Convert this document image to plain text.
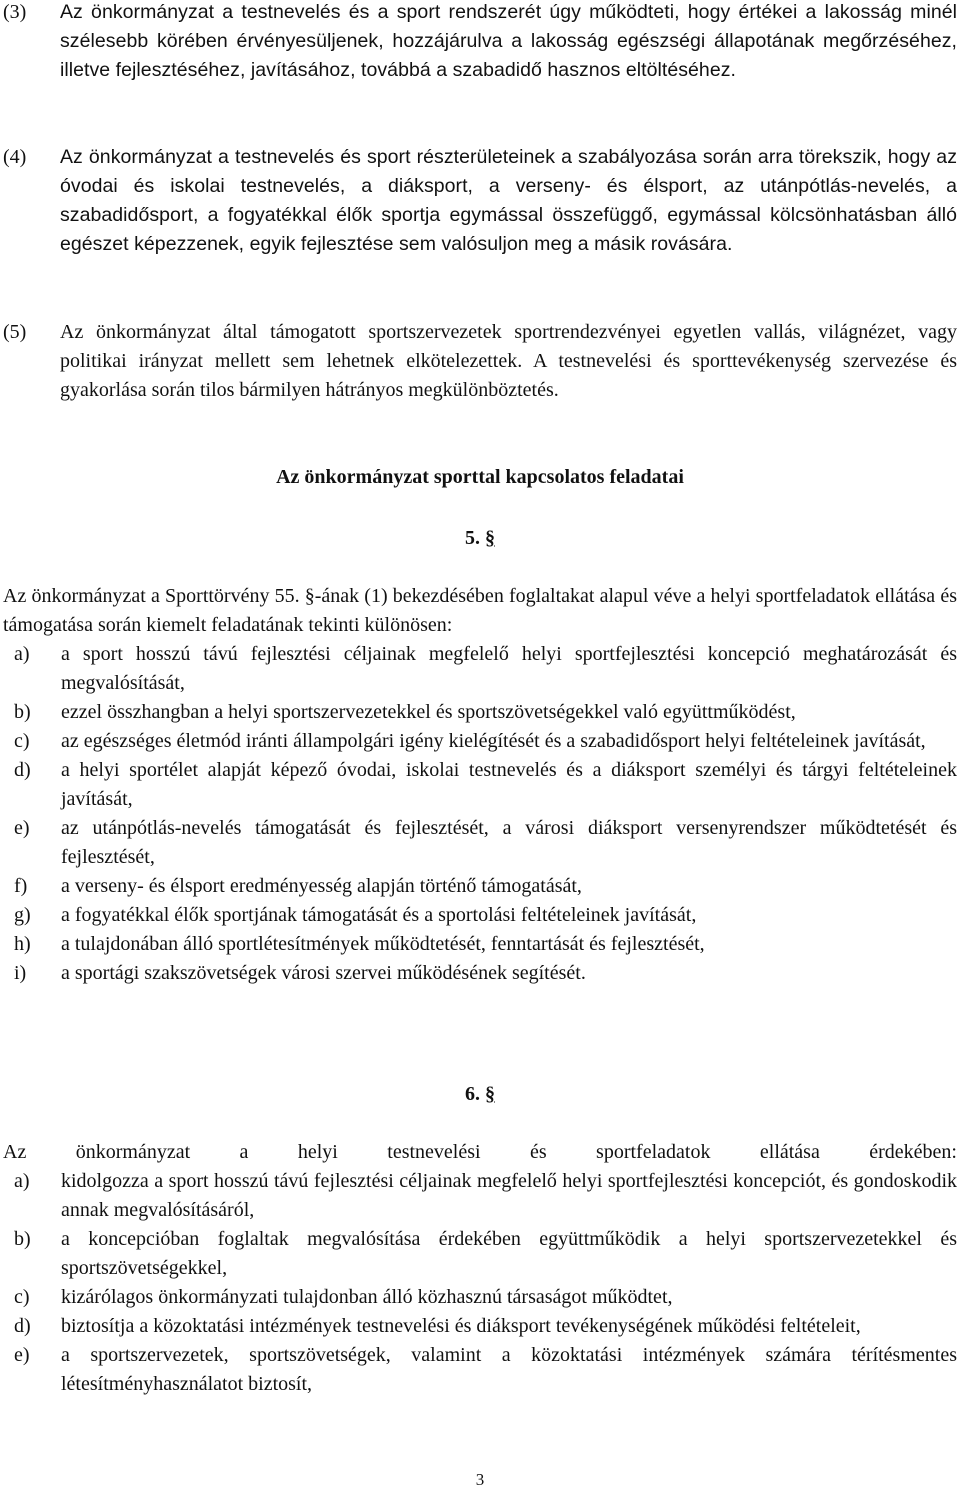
(3) Az önkormányzat a testnevelés és a sport rendszerét úgy működteti, hogy értékei a lakosság minél szélesebb körében érvényesüljenek, hozzájárulva a lakosság egészségi állapotának megőrzéséhez, illetve fejlesztéséhez, javításához, továbbá a szabadidő hasznos eltöltéséhez.
(4) Az önkormányzat a testnevelés és sport részterületeinek a szabályozása során arra törekszik, hogy az óvodai és iskolai testnevelés, a diáksport, a verseny- és élsport, az utánpótlás-nevelés, a szabadidősport, a fogyatékkal élők sportja egymással összefüggő, egymással kölcsönhatásban álló egészet képezzenek, egyik fejlesztése sem valósuljon meg a másik rovására.
(5) Az önkormányzat által támogatott sportszervezetek sportrendezvényei egyetlen vallás, világnézet, vagy politikai irányzat mellett sem lehetnek elkötelezettek. A testnevelési és sporttevékenység szervezése és gyakorlása során tilos bármilyen hátrányos megkülönböztetés.
Az önkormányzat sporttal kapcsolatos feladatai
5. §
Az önkormányzat a Sporttörvény 55. §-ának (1) bekezdésében foglaltakat alapul véve a helyi sportfeladatok ellátása és támogatása során kiemelt feladatának tekinti különösen:
a) a sport hosszú távú fejlesztési céljainak megfelelő helyi sportfejlesztési koncepció meghatározását és megvalósítását,
b) ezzel összhangban a helyi sportszervezetekkel és sportszövetségekkel való együttműködést,
c) az egészséges életmód iránti állampolgári igény kielégítését és a szabadidősport helyi feltételeinek javítását,
d) a helyi sportélet alapját képező óvodai, iskolai testnevelés és a diáksport személyi és tárgyi feltételeinek javítását,
e) az utánpótlás-nevelés támogatását és fejlesztését, a városi diáksport versenyrendszer működtetését és fejlesztését,
f) a verseny- és élsport eredményesség alapján történő támogatását,
g) a fogyatékkal élők sportjának támogatását és a sportolási feltételeinek javítását,
h) a tulajdonában álló sportlétesítmények működtetését, fenntartását és fejlesztését,
i) a sportági szakszövetségek városi szervei működésének segítését.
6. §
Az önkormányzat a helyi testnevelési és sportfeladatok ellátása érdekében:
a) kidolgozza a sport hosszú távú fejlesztési céljainak megfelelő helyi sportfejlesztési koncepciót, és gondoskodik annak megvalósításáról,
b) a koncepcióban foglaltak megvalósítása érdekében együttműködik a helyi sportszervezetekkel és sportszövetségekkel,
c) kizárólagos önkormányzati tulajdonban álló közhasznú társaságot működtet,
d) biztosítja a közoktatási intézmények testnevelési és diáksport tevékenységének működési feltételeit,
e) a sportszervezetek, sportszövetségek, valamint a közoktatási intézmények számára térítésmentes létesítményhasználatot biztosít,
3
